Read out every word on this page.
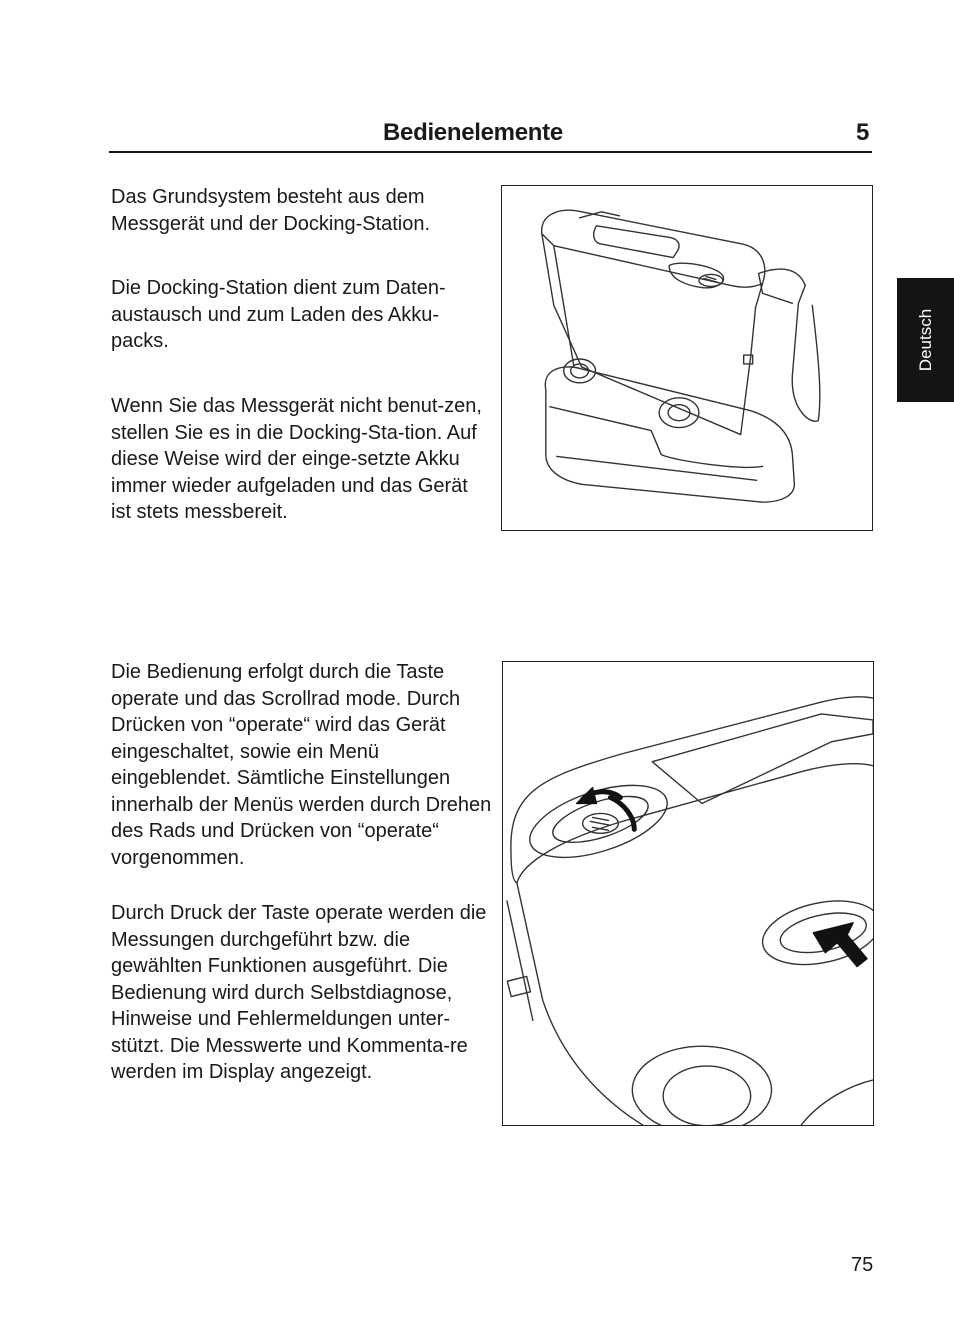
Bedienelemente	5
Deutsch

Das Grundsystem besteht aus dem Messgerät und der Docking-Station.

Die Docking-Station dient zum Daten-austausch und zum Laden des Akku-packs.

Wenn Sie das Messgerät nicht benut-zen, stellen Sie es in die Docking-Sta-tion. Auf diese Weise wird der einge-setzte Akku immer wieder aufgeladen und das Gerät ist stets messbereit.

Die Bedienung erfolgt durch die Taste operate und das Scrollrad mode. Durch Drücken von “operate“ wird das Gerät eingeschaltet, sowie ein Menü eingeblendet. Sämtliche Einstellungen innerhalb der Menüs werden durch Drehen des Rads und Drücken von “operate“ vorgenommen.

Durch Druck der Taste operate werden die Messungen durchgeführt bzw. die gewählten Funktionen ausgeführt. Die Bedienung wird durch Selbstdiagnose, Hinweise und Fehlermeldungen unter-stützt. Die Messwerte und Kommenta-re werden im Display angezeigt.

75
